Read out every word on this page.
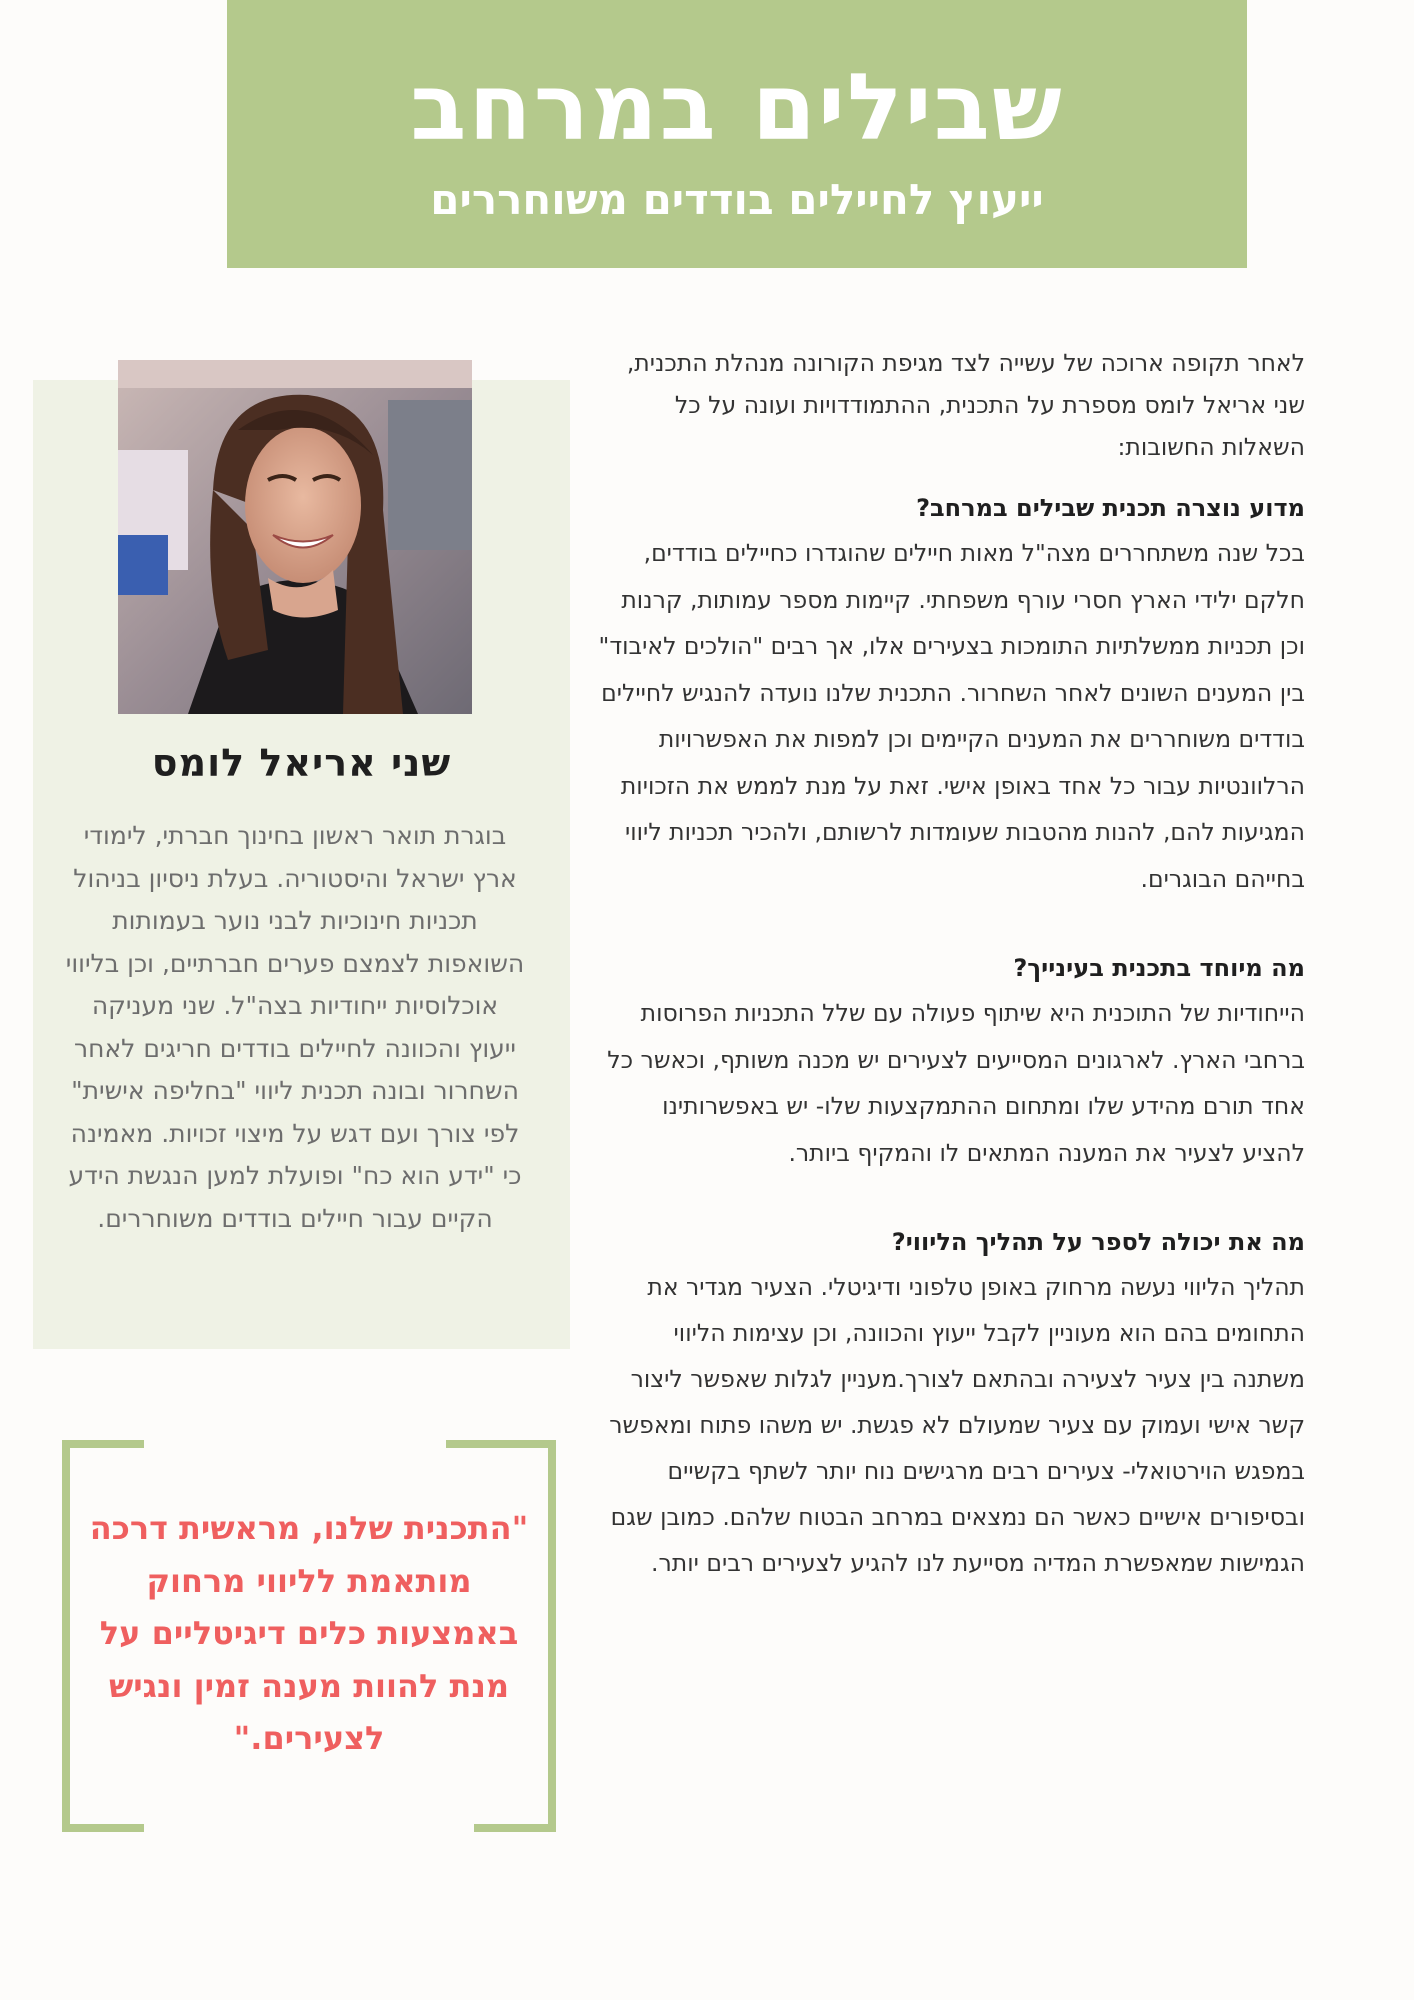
שבילים במרחב
ייעוץ לחיילים בודדים משוחררים
שני אריאל לומס

בוגרת תואר ראשון בחינוך חברתי, לימודי ארץ ישראל והיסטוריה. בעלת ניסיון בניהול תכניות חינוכיות לבני נוער בעמותות השואפות לצמצם פערים חברתיים, וכן בליווי אוכלוסיות ייחודיות בצה"ל. שני מעניקה ייעוץ והכוונה לחיילים בודדים חריגים לאחר השחרור ובונה תכנית ליווי "בחליפה אישית" לפי צורך ועם דגש על מיצוי זכויות. מאמינה כי "ידע הוא כח" ופועלת למען הנגשת הידע הקיים עבור חיילים בודדים משוחררים.

לאחר תקופה ארוכה של עשייה לצד מגיפת הקורונה מנהלת התכנית, שני אריאל לומס מספרת על התכנית, ההתמודדויות ועונה על כל השאלות החשובות:

מדוע נוצרה תכנית שבילים במרחב?

בכל שנה משתחררים מצה"ל מאות חיילים שהוגדרו כחיילים בודדים, חלקם ילידי הארץ חסרי עורף משפחתי. קיימות מספר עמותות, קרנות וכן תכניות ממשלתיות התומכות בצעירים אלו, אך רבים "הולכים לאיבוד" בין המענים השונים לאחר השחרור. התכנית שלנו נועדה להנגיש לחיילים בודדים משוחררים את המענים הקיימים וכן למפות את האפשרויות הרלוונטיות עבור כל אחד באופן אישי. זאת על מנת לממש את הזכויות המגיעות להם, להנות מהטבות שעומדות לרשותם, ולהכיר תכניות ליווי בחייהם הבוגרים.

מה מיוחד בתכנית בעינייך?

הייחודיות של התוכנית היא שיתוף פעולה עם שלל התכניות הפרוסות ברחבי הארץ. לארגונים המסייעים לצעירים יש מכנה משותף, וכאשר כל אחד תורם מהידע שלו ומתחום ההתמקצעות שלו- יש באפשרותינו להציע לצעיר את המענה המתאים לו והמקיף ביותר.

מה את יכולה לספר על תהליך הליווי?

תהליך הליווי נעשה מרחוק באופן טלפוני ודיגיטלי. הצעיר מגדיר את התחומים בהם הוא מעוניין לקבל ייעוץ והכוונה, וכן עצימות הליווי משתנה בין צעיר לצעירה ובהתאם לצורך.מעניין לגלות שאפשר ליצור קשר אישי ועמוק עם צעיר שמעולם לא פגשת. יש משהו פתוח ומאפשר במפגש הוירטואלי- צעירים רבים מרגישים נוח יותר לשתף בקשיים ובסיפורים אישיים כאשר הם נמצאים במרחב הבטוח שלהם. כמובן שגם הגמישות שמאפשרת המדיה מסייעת לנו להגיע לצעירים רבים יותר.

"התכנית שלנו, מראשית דרכה מותאמת לליווי מרחוק באמצעות כלים דיגיטליים על מנת להוות מענה זמין ונגיש לצעירים."
